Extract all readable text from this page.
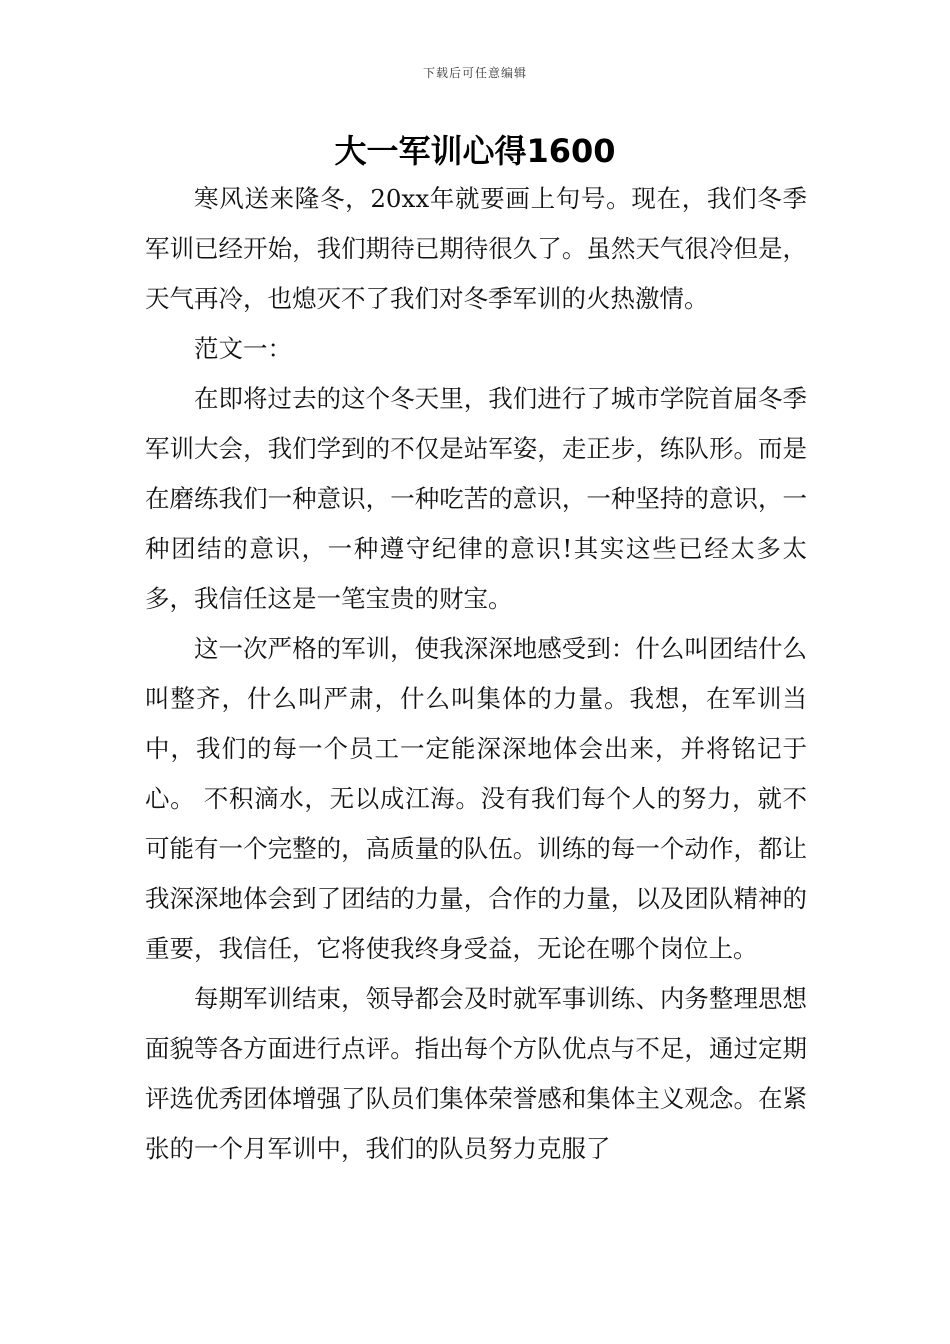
下载后可任意编辑
大一军训心得1600

寒风送来隆冬，20xx年就要画上句号。现在，我们冬季军训已经开始，我们期待已期待很久了。虽然天气很冷但是，天气再冷，也熄灭不了我们对冬季军训的火热激情。

范文一：

在即将过去的这个冬天里，我们进行了城市学院首届冬季军训大会，我们学到的不仅是站军姿，走正步，练队形。而是在磨练我们一种意识，一种吃苦的意识，一种坚持的意识，一种团结的意识，一种遵守纪律的意识!其实这些已经太多太多，我信任这是一笔宝贵的财宝。

这一次严格的军训，使我深深地感受到：什么叫团结什么叫整齐，什么叫严肃，什么叫集体的力量。我想，在军训当中，我们的每一个员工一定能深深地体会出来，并将铭记于心。 不积滴水，无以成江海。没有我们每个人的努力，就不可能有一个完整的，高质量的队伍。训练的每一个动作，都让我深深地体会到了团结的力量，合作的力量，以及团队精神的重要，我信任，它将使我终身受益，无论在哪个岗位上。

每期军训结束，领导都会及时就军事训练、内务整理思想面貌等各方面进行点评。指出每个方队优点与不足，通过定期评选优秀团体增强了队员们集体荣誉感和集体主义观念。在紧张的一个月军训中，我们的队员努力克服了
